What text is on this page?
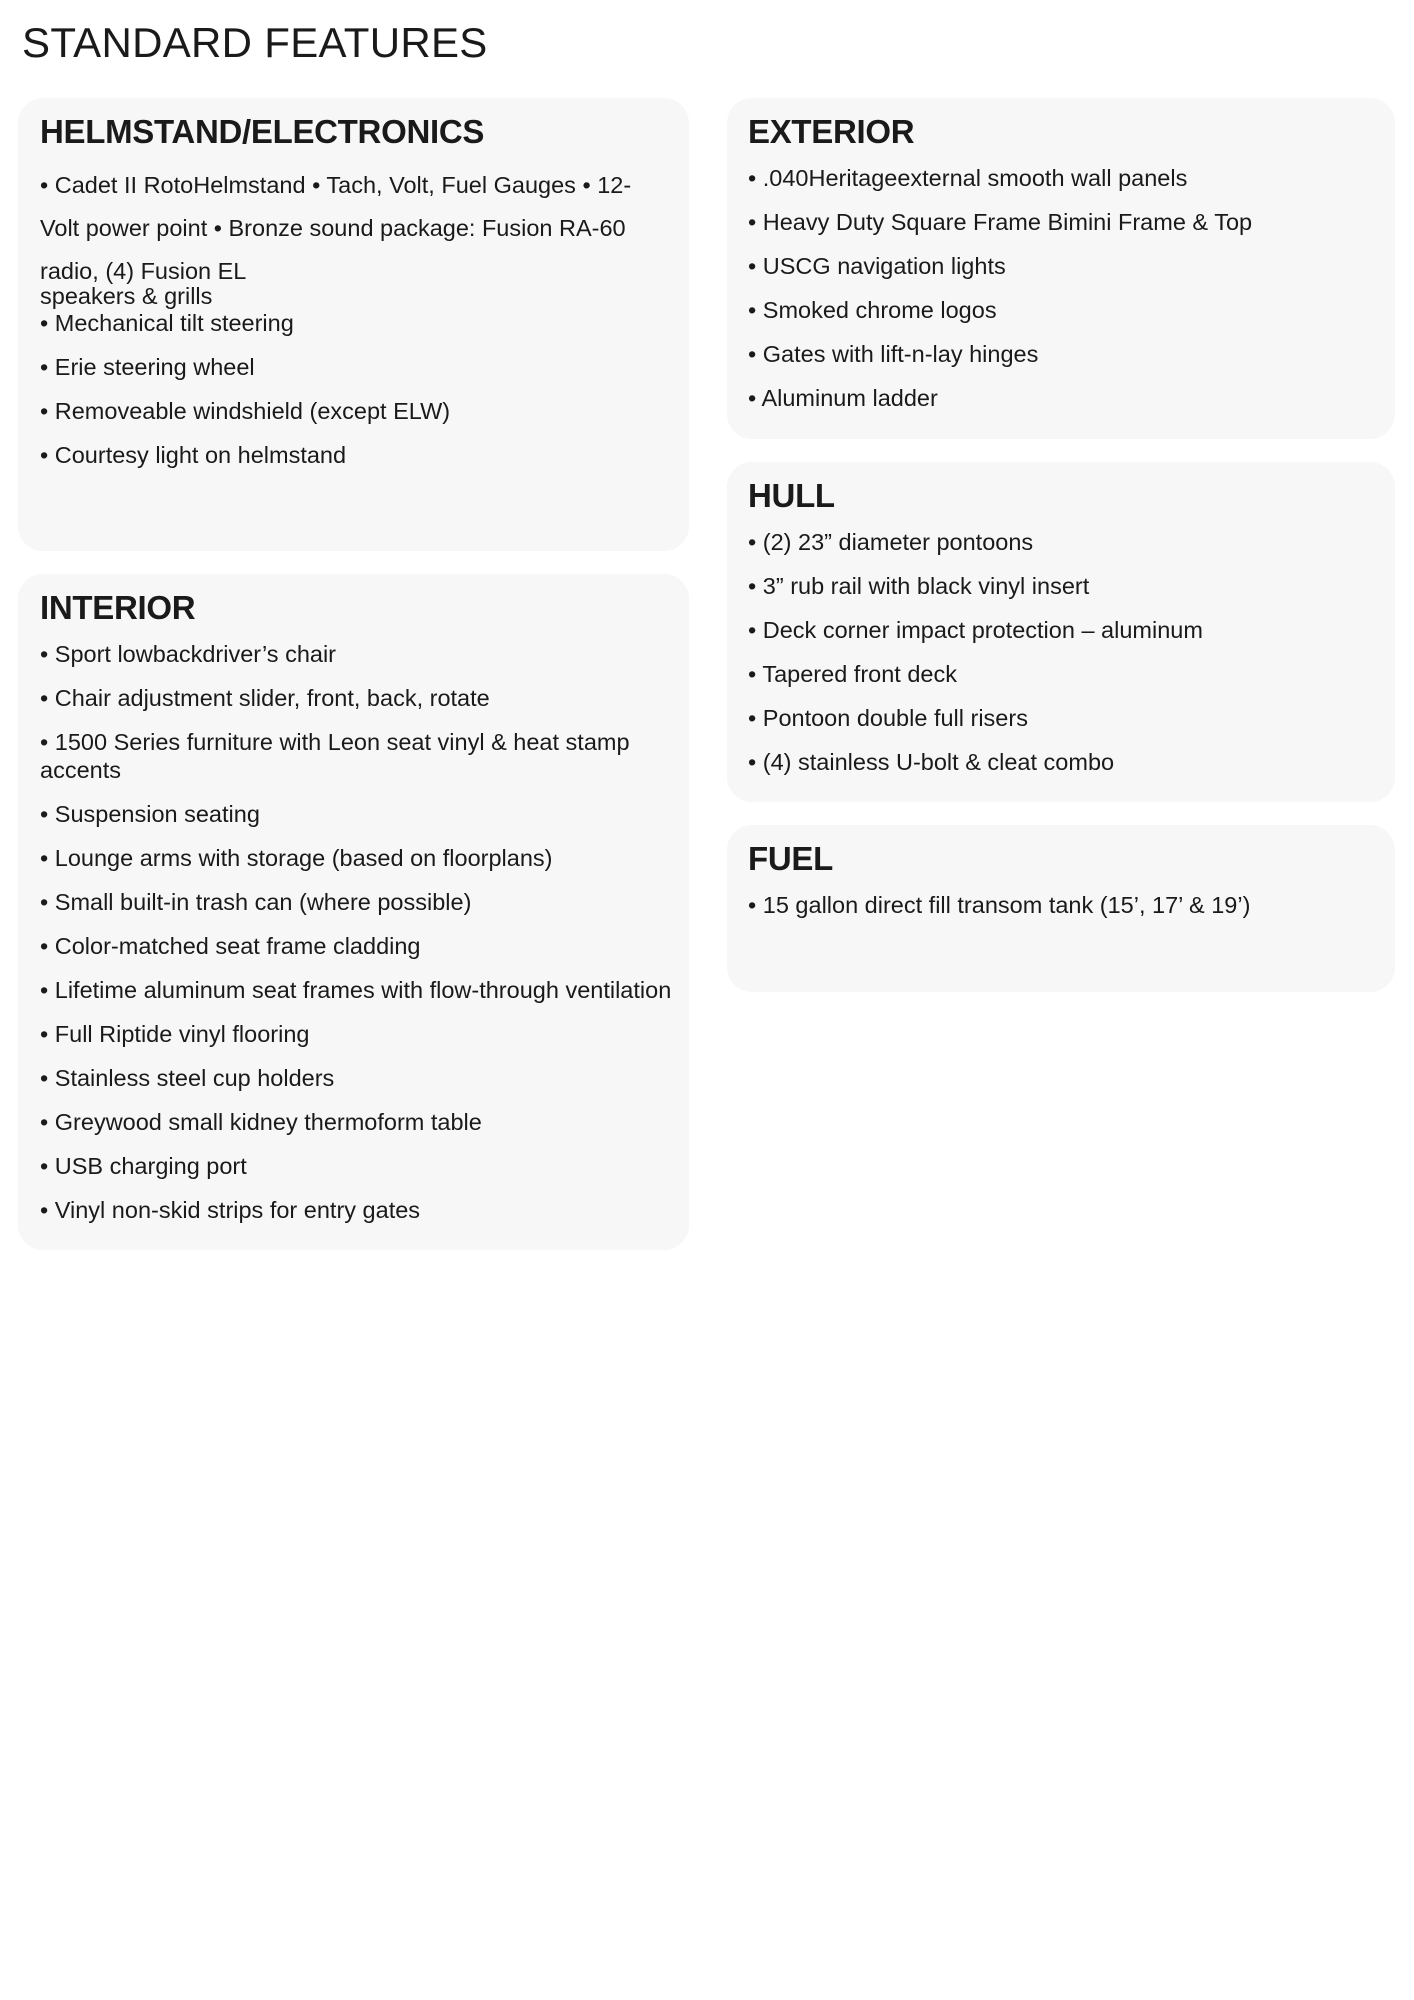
STANDARD FEATURES
HELMSTAND/ELECTRONICS
• Cadet II RotoHelmstand • Tach, Volt, Fuel Gauges • 12-
Volt power point • Bronze sound package: Fusion RA-60
radio, (4) Fusion EL
speakers & grills
• Mechanical tilt steering
• Erie steering wheel
• Removeable windshield (except ELW)
• Courtesy light on helmstand
INTERIOR
• Sport lowbackdriver’s chair
• Chair adjustment slider, front, back, rotate
• 1500 Series furniture with Leon seat vinyl & heat stamp accents
• Suspension seating
• Lounge arms with storage (based on floorplans)
• Small built-in trash can (where possible)
• Color-matched seat frame cladding
• Lifetime aluminum seat frames with flow-through ventilation
• Full Riptide vinyl flooring
• Stainless steel cup holders
• Greywood small kidney thermoform table
• USB charging port
• Vinyl non-skid strips for entry gates
EXTERIOR
• .040Heritageexternal smooth wall panels
• Heavy Duty Square Frame Bimini Frame & Top
• USCG navigation lights
• Smoked chrome logos
• Gates with lift-n-lay hinges
• Aluminum ladder
HULL
• (2) 23” diameter pontoons
• 3” rub rail with black vinyl insert
• Deck corner impact protection – aluminum
• Tapered front deck
• Pontoon double full risers
• (4) stainless U-bolt & cleat combo
FUEL
• 15 gallon direct fill transom tank (15’, 17’ & 19’)
